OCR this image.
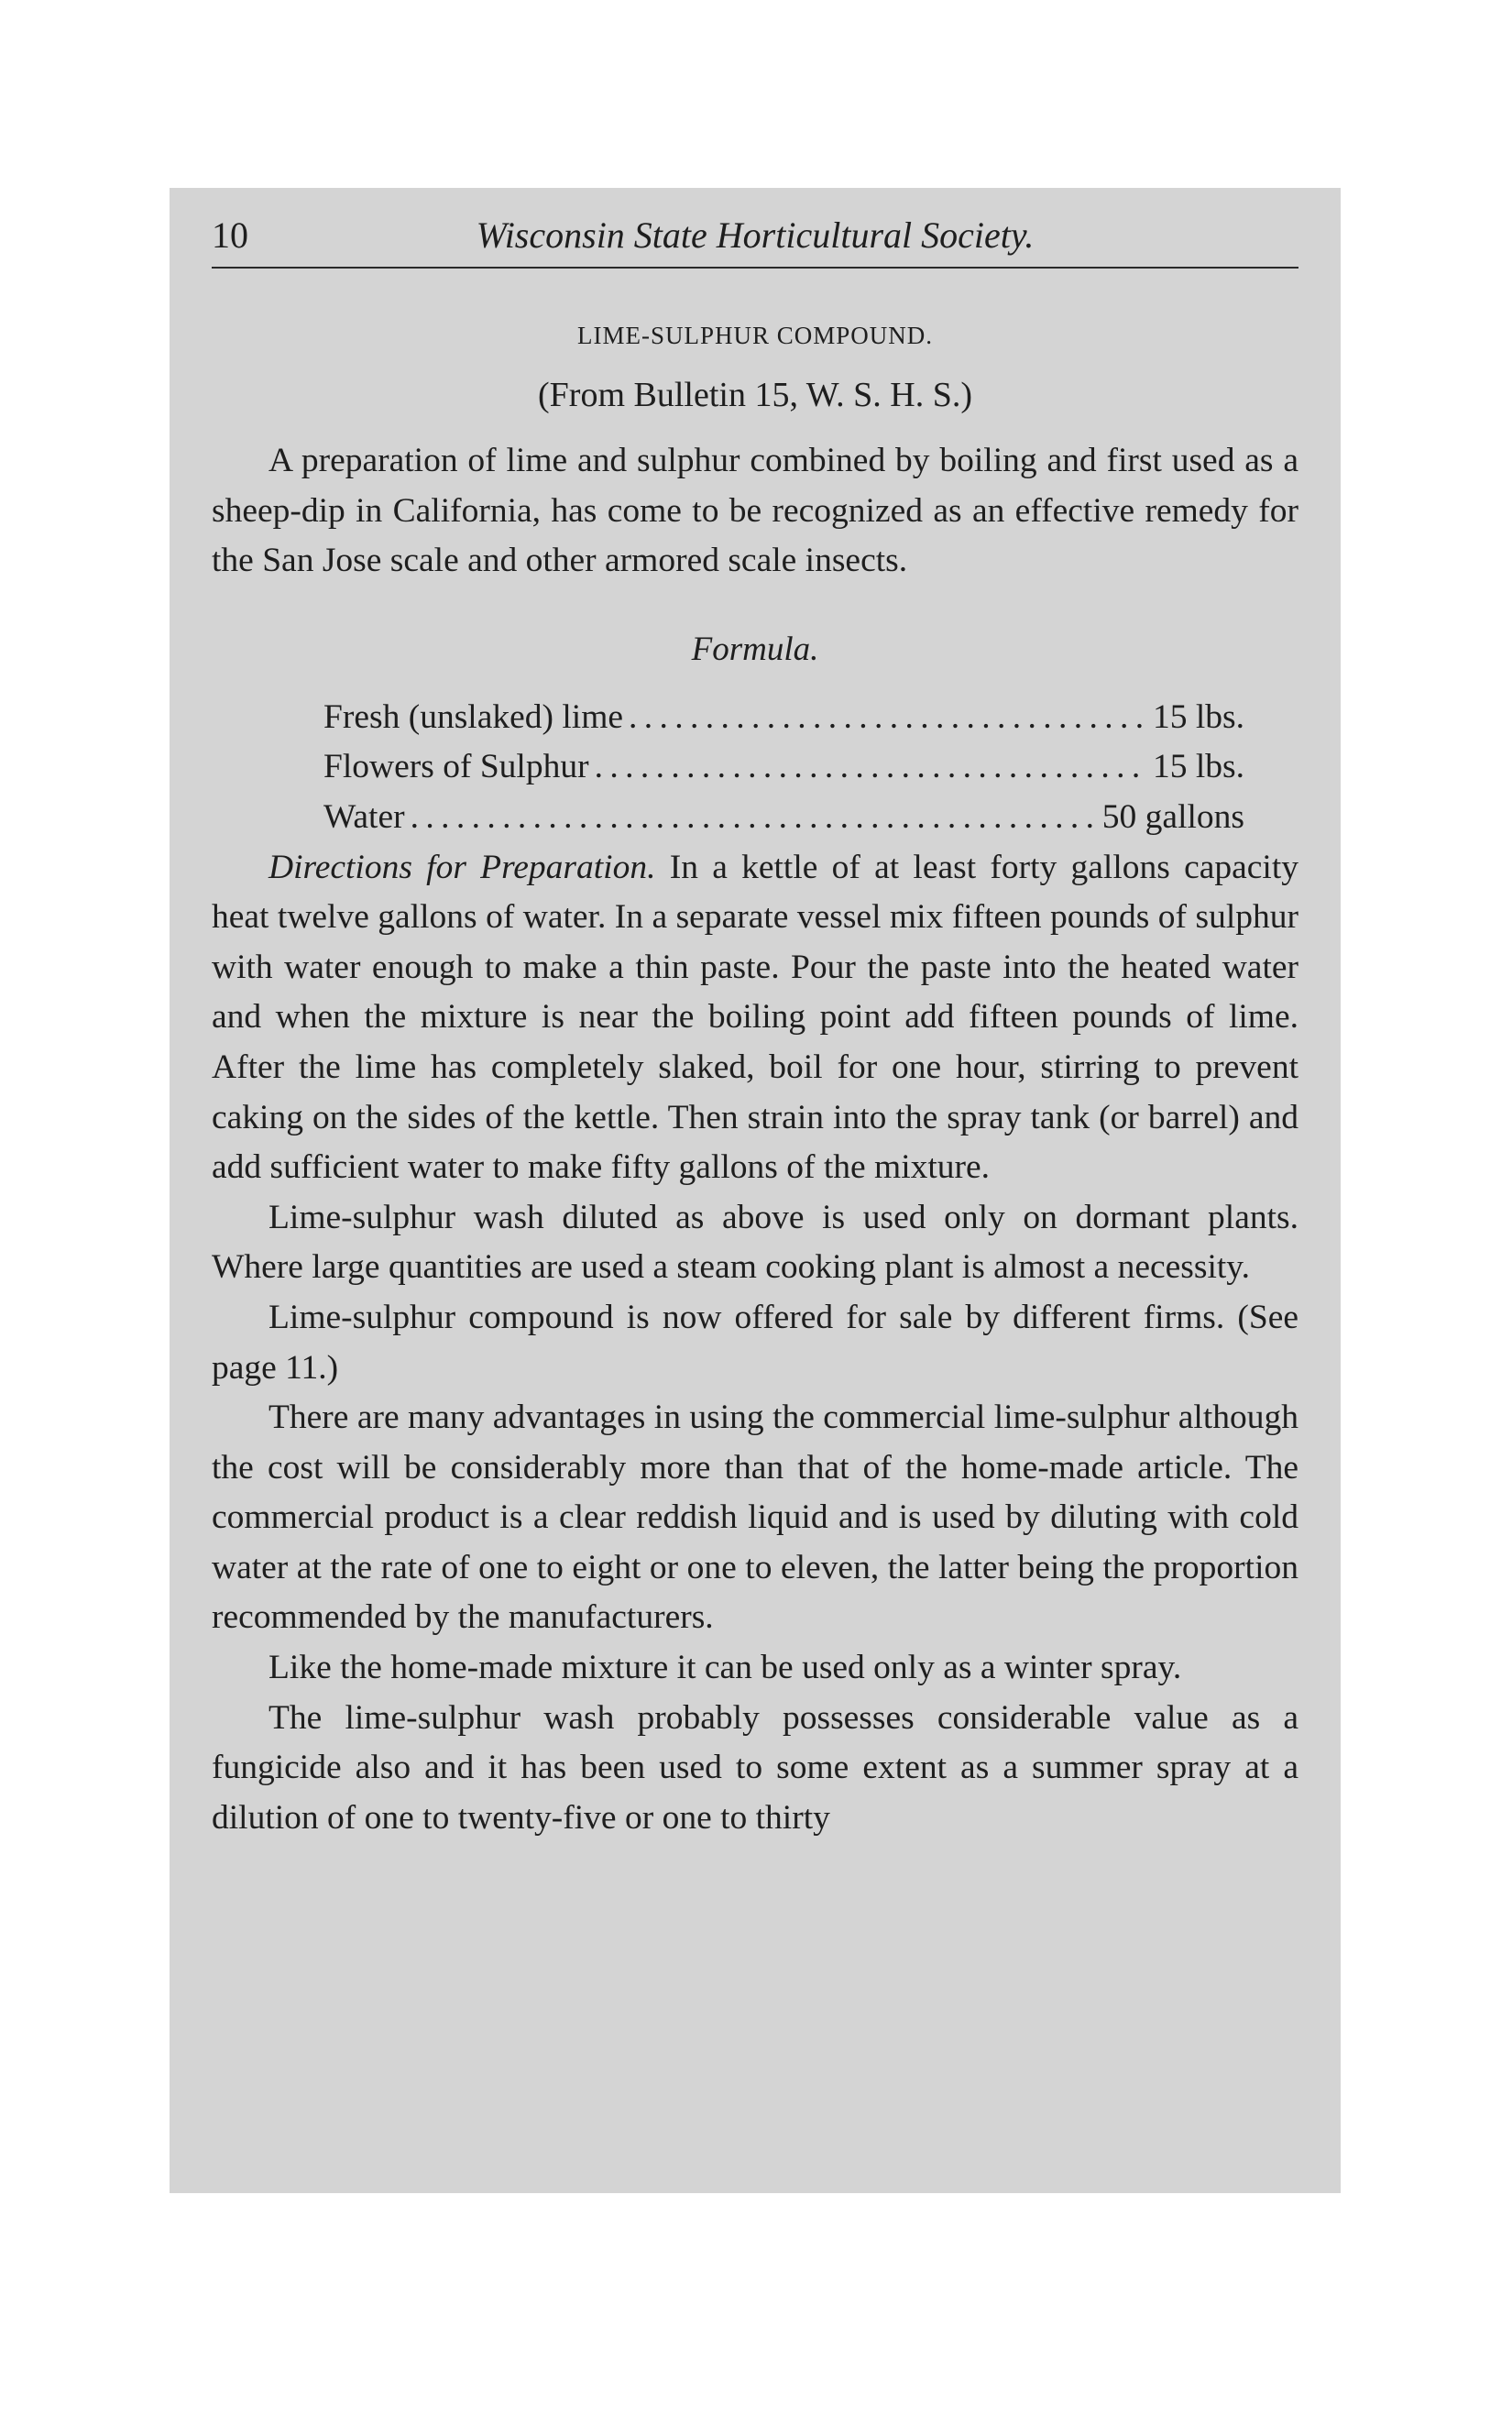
10	Wisconsin State Horticultural Society.
LIME-SULPHUR COMPOUND.
(From Bulletin 15, W. S. H. S.)

A preparation of lime and sulphur combined by boiling and first used as a sheep-dip in California, has come to be recognized as an effective remedy for the San Jose scale and other armored scale insects.

Formula.
Fresh (unslaked) lime . . .	15 lbs.
Flowers of Sulphur . . .	15 lbs.
Water . . .	50 gallons

Directions for Preparation. In a kettle of at least forty gallons capacity heat twelve gallons of water. In a separate vessel mix fifteen pounds of sulphur with water enough to make a thin paste. Pour the paste into the heated water and when the mixture is near the boiling point add fifteen pounds of lime. After the lime has completely slaked, boil for one hour, stirring to prevent caking on the sides of the kettle. Then strain into the spray tank (or barrel) and add sufficient water to make fifty gallons of the mixture.

Lime-sulphur wash diluted as above is used only on dormant plants. Where large quantities are used a steam cooking plant is almost a necessity.

Lime-sulphur compound is now offered for sale by different firms. (See page 11.)

There are many advantages in using the commercial lime-sulphur although the cost will be considerably more than that of the home-made article. The commercial product is a clear reddish liquid and is used by diluting with cold water at the rate of one to eight or one to eleven, the latter being the proportion recommended by the manufacturers.

Like the home-made mixture it can be used only as a winter spray.

The lime-sulphur wash probably possesses considerable value as a fungicide also and it has been used to some extent as a summer spray at a dilution of one to twenty-five or one to thirty
